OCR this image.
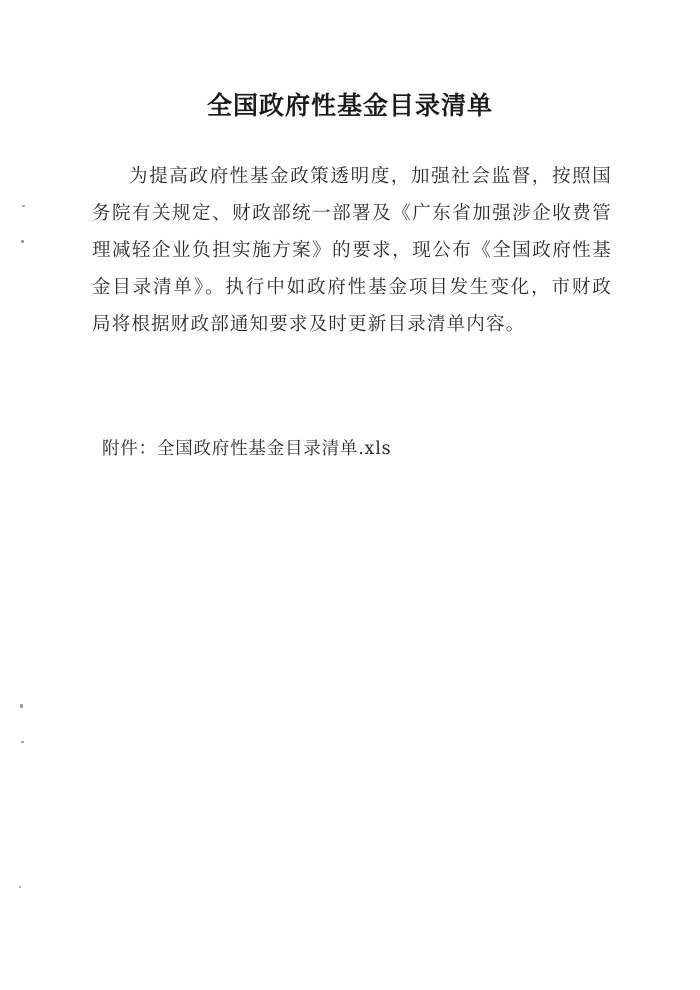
全国政府性基金目录清单

为提高政府性基金政策透明度，加强社会监督，按照国务院有关规定、财政部统一部署及《广东省加强涉企收费管理减轻企业负担实施方案》的要求，现公布《全国政府性基金目录清单》。执行中如政府性基金项目发生变化，市财政局将根据财政部通知要求及时更新目录清单内容。

附件：全国政府性基金目录清单.xls
